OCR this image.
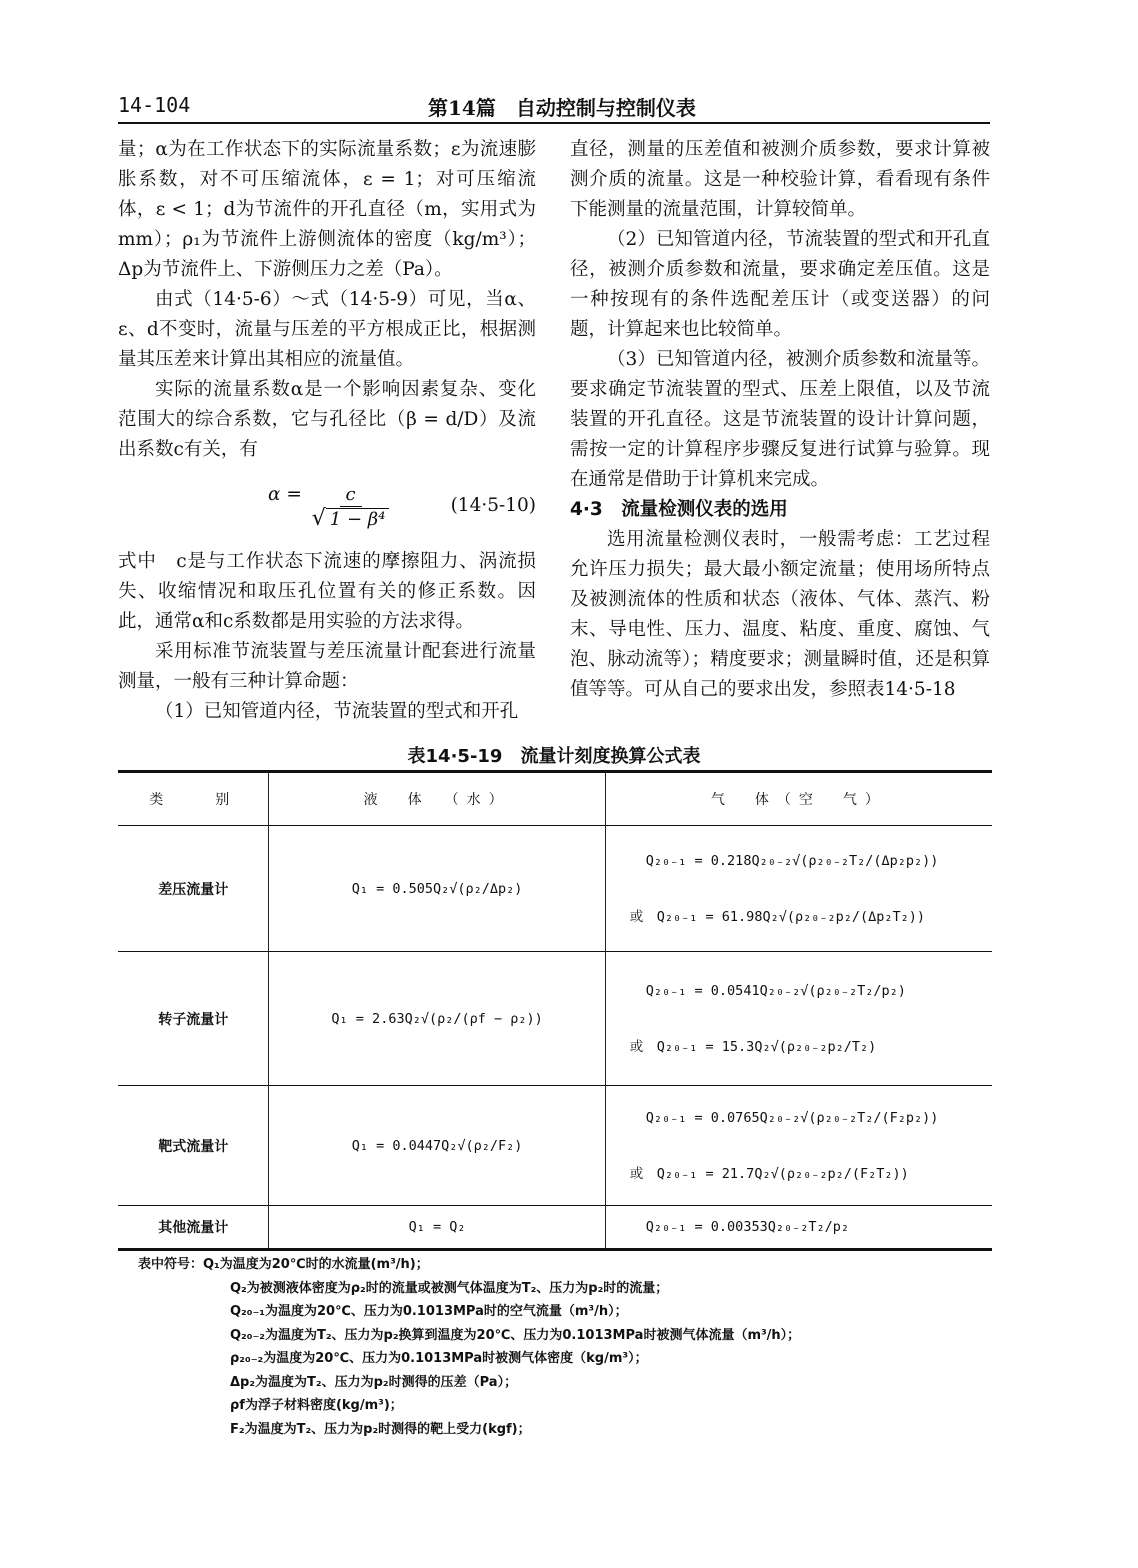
14-104	第14篇　自动控制与控制仪表

量；α为在工作状态下的实际流量系数；ε为流速膨胀系数，对不可压缩流体，ε = 1；对可压缩流体，ε < 1；d为节流件的开孔直径（m，实用式为mm）；ρ₁为节流件上游侧流体的密度（kg/m³）；Δp为节流件上、下游侧压力之差（Pa）。

由式（14·5-6）～式（14·5-9）可见，当α、ε、d不变时，流量与压差的平方根成正比，根据测量其压差来计算出其相应的流量值。

实际的流量系数α是一个影响因素复杂、变化范围大的综合系数，它与孔径比（β = d/D）及流出系数c有关，有

$\alpha = \frac{c}{\text{√ 1 − β⁴}}$	(14·5-10)

式中　c是与工作状态下流速的摩擦阻力、涡流损失、收缩情况和取压孔位置有关的修正系数。因此，通常α和c系数都是用实验的方法求得。

采用标准节流装置与差压流量计配套进行流量测量，一般有三种计算命题：

（1）已知管道内径，节流装置的型式和开孔

直径，测量的压差值和被测介质参数，要求计算被测介质的流量。这是一种校验计算，看看现有条件下能测量的流量范围，计算较简单。

（2）已知管道内径，节流装置的型式和开孔直径，被测介质参数和流量，要求确定差压值。这是一种按现有的条件选配差压计（或变送器）的问题，计算起来也比较简单。

（3）已知管道内径，被测介质参数和流量等。要求确定节流装置的型式、压差上限值，以及节流装置的开孔直径。这是节流装置的设计计算问题，需按一定的计算程序步骤反复进行试算与验算。现在通常是借助于计算机来完成。

4·3　流量检测仪表的选用

选用流量检测仪表时，一般需考虑：工艺过程允许压力损失；最大最小额定流量；使用场所特点及被测流体的性质和状态（液体、气体、蒸汽、粉末、导电性、压力、温度、粘度、重度、腐蚀、气泡、脉动流等）；精度要求；测量瞬时值，还是积算值等等。可从自己的要求出发，参照表14·5-18

表14·5-19　流量计刻度换算公式表
类　　别	液　体　（水）	气　体（空　气）
差压流量计	Q₁ = 0.505Q₂√(ρ₂/Δp₂)	Q₂₀₋₁ = 0.218Q₂₀₋₂√(ρ₂₀₋₂T₂/(Δp₂p₂))
或　Q₂₀₋₁ = 61.98Q₂√(ρ₂₀₋₂p₂/(Δp₂T₂))

转子流量计	Q₁ = 2.63Q₂√(ρ₂/(ρf − ρ₂))	Q₂₀₋₁ = 0.0541Q₂₀₋₂√(ρ₂₀₋₂T₂/p₂)
或　Q₂₀₋₁ = 15.3Q₂√(ρ₂₀₋₂p₂/T₂)

靶式流量计	Q₁ = 0.0447Q₂√(ρ₂/F₂)	Q₂₀₋₁ = 0.0765Q₂₀₋₂√(ρ₂₀₋₂T₂/(F₂p₂))
或　Q₂₀₋₁ = 21.7Q₂√(ρ₂₀₋₂p₂/(F₂T₂))

其他流量计	Q₁ = Q₂	Q₂₀₋₁ = 0.00353Q₂₀₋₂T₂/p₂
表中符号：Q₁为温度为20℃时的水流量(m³/h)；
Q₂为被测液体密度为ρ₂时的流量或被测气体温度为T₂、压力为p₂时的流量；
Q₂₀₋₁为温度为20℃、压力为0.1013MPa时的空气流量（m³/h）；
Q₂₀₋₂为温度为T₂、压力为p₂换算到温度为20℃、压力为0.1013MPa时被测气体流量（m³/h）；
ρ₂₀₋₂为温度为20℃、压力为0.1013MPa时被测气体密度（kg/m³）；
Δp₂为温度为T₂、压力为p₂时测得的压差（Pa）；
ρf为浮子材料密度(kg/m³)；
F₂为温度为T₂、压力为p₂时测得的靶上受力(kgf)；
